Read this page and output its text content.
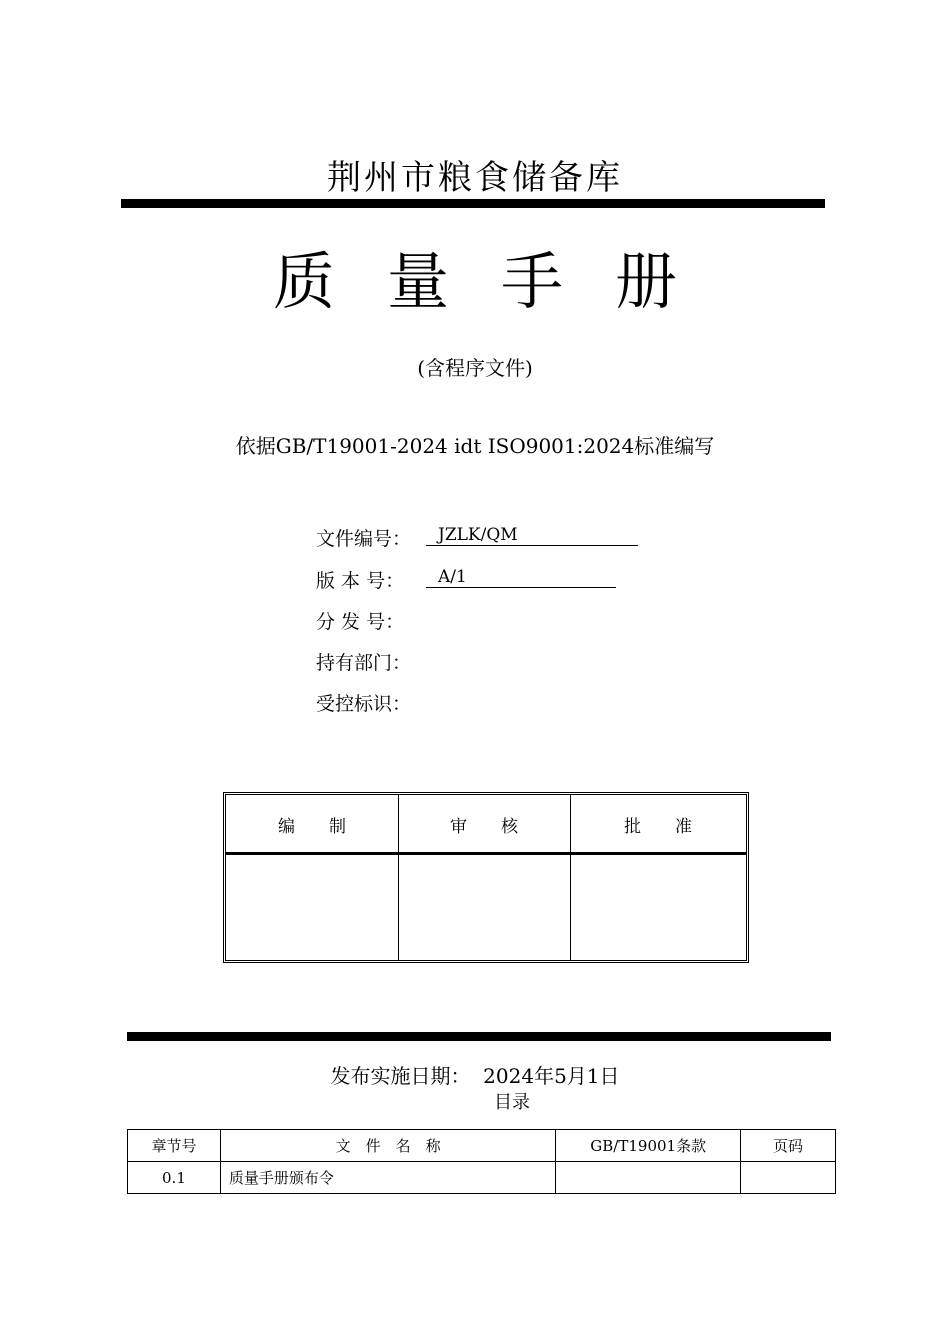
荆州市粮食储备库
质量手册
(含程序文件)
依据GB/T19001-2024 idt ISO9001:2024标准编写
文件编号：	JZLK/QM
版 本 号：	A/1
分 发 号：
持有部门：
受控标识：
编　　制	审　　核	批　　准
发布实施日期： 2024年5月1日
目录
章节号	文　件　名　称	GB/T19001条款	页码
0.1	质量手册颁布令		
